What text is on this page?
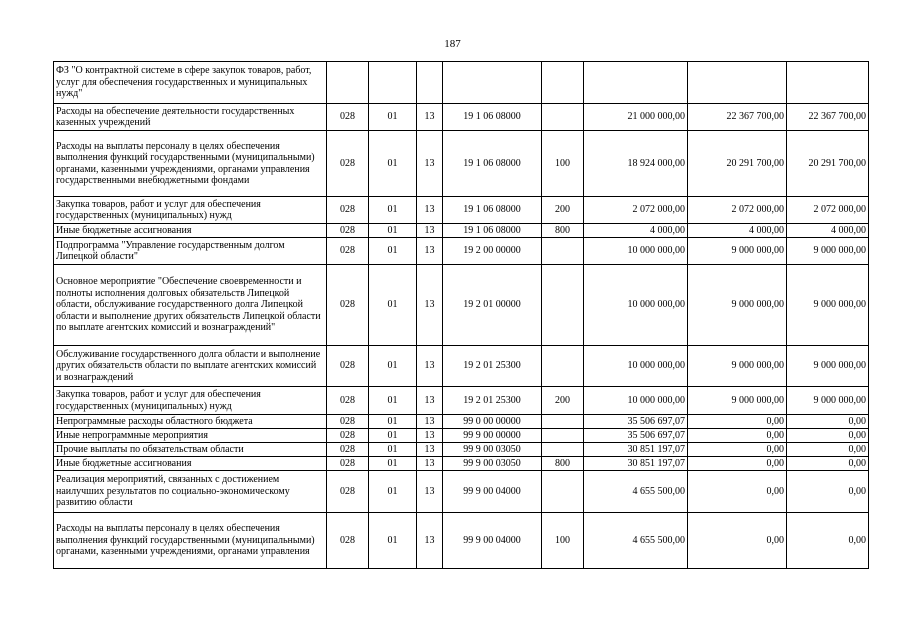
187
ФЗ "О контрактной системе в сфере закупок товаров, работ, услуг для обеспечения государственных и муниципальных нужд"								
Расходы на обеспечение деятельности государственных казенных учреждений	028	01	13	19 1 06 08000		21 000 000,00	22 367 700,00	22 367 700,00
Расходы на выплаты персоналу в целях обеспечения выполнения функций государственными (муниципальными) органами, казенными учреждениями, органами управления государственными внебюджетными фондами	028	01	13	19 1 06 08000	100	18 924 000,00	20 291 700,00	20 291 700,00
Закупка товаров, работ и услуг для обеспечения государственных (муниципальных) нужд	028	01	13	19 1 06 08000	200	2 072 000,00	2 072 000,00	2 072 000,00
Иные бюджетные ассигнования	028	01	13	19 1 06 08000	800	4 000,00	4 000,00	4 000,00
Подпрограмма "Управление государственным долгом Липецкой области"	028	01	13	19 2 00 00000		10 000 000,00	9 000 000,00	9 000 000,00
Основное мероприятие "Обеспечение своевременности и полноты исполнения долговых обязательств Липецкой области, обслуживание государственного долга Липецкой области и выполнение других обязательств Липецкой области по выплате агентских комиссий и вознаграждений"	028	01	13	19 2 01 00000		10 000 000,00	9 000 000,00	9 000 000,00
Обслуживание государственного долга области и выполнение других обязательств области по выплате агентских комиссий и вознаграждений	028	01	13	19 2 01 25300		10 000 000,00	9 000 000,00	9 000 000,00
Закупка товаров, работ и услуг для обеспечения государственных (муниципальных) нужд	028	01	13	19 2 01 25300	200	10 000 000,00	9 000 000,00	9 000 000,00
Непрограммные расходы областного бюджета	028	01	13	99 0 00 00000		35 506 697,07	0,00	0,00
Иные непрограммные мероприятия	028	01	13	99 9 00 00000		35 506 697,07	0,00	0,00
Прочие выплаты по обязательствам области	028	01	13	99 9 00 03050		30 851 197,07	0,00	0,00
Иные бюджетные ассигнования	028	01	13	99 9 00 03050	800	30 851 197,07	0,00	0,00
Реализация мероприятий, связанных с достижением наилучших результатов по социально-экономическому развитию области	028	01	13	99 9 00 04000		4 655 500,00	0,00	0,00
Расходы на выплаты персоналу в целях обеспечения выполнения функций государственными (муниципальными) органами, казенными учреждениями, органами управления	028	01	13	99 9 00 04000	100	4 655 500,00	0,00	0,00
